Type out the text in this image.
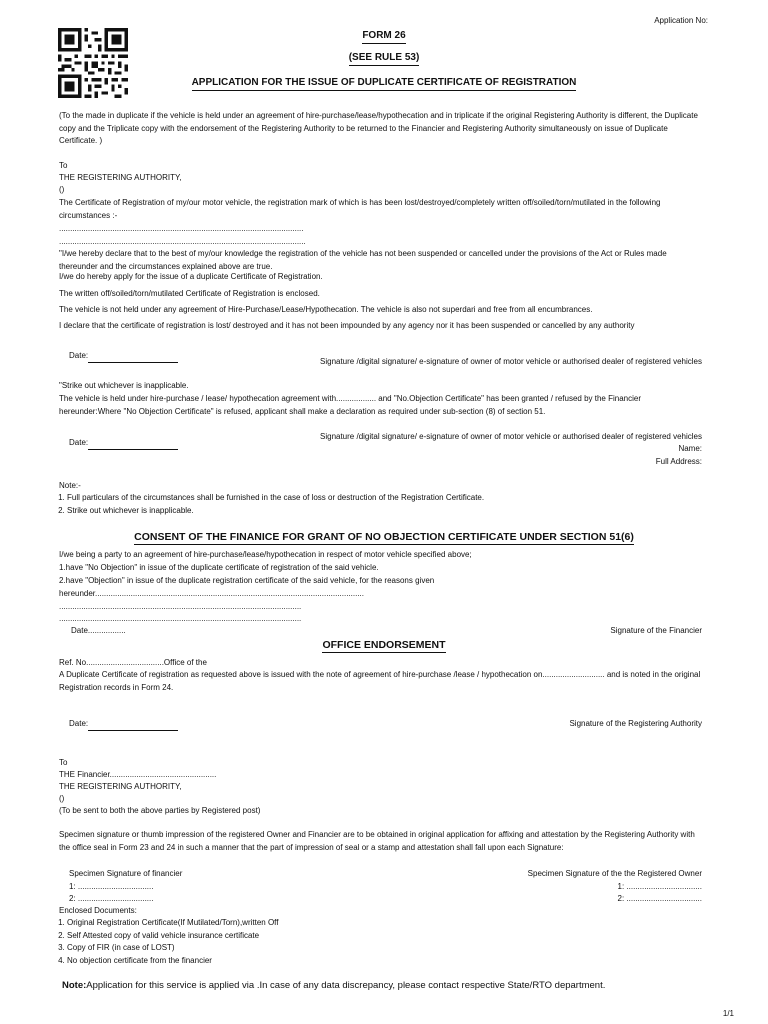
Application No:
FORM 26
(SEE RULE 53)
APPLICATION FOR THE ISSUE OF DUPLICATE CERTIFICATE OF REGISTRATION
(To the made in duplicate if the vehicle is held under an agreement of hire-purchase/lease/hypothecation and in triplicate if the original Registering Authority is different, the Duplicate copy and the Triplicate copy with the endorsement of the Registering Authority to be returned to the Financier and Registering Authority simultaneously on issue of Duplicate Certificate. )
To
THE REGISTERING AUTHORITY,
()
The Certificate of Registration of my/our motor vehicle, the registration mark of which is has been lost/destroyed/completely written off/soiled/torn/mutilated in the following circumstances :-
..............................................................................................................
...............................................................................................................
"I/we hereby declare that to the best of my/our knowledge the registration of the vehicle has not been suspended or cancelled under the provisions of the Act or Rules made thereunder and the circumstances explained above are true.
I/we do hereby apply for the issue of a duplicate Certificate of Registration.
The written off/soiled/torn/mutilated Certificate of Registration is enclosed.
The vehicle is not held under any agreement of Hire-Purchase/Lease/Hypothecation. The vehicle is also not superdari and free from all encumbrances.
I declare that the certificate of registration is lost/ destroyed and it has not been impounded by any agency nor it has been suspended or cancelled by any authority
Date:
Signature /digital signature/ e-signature of owner of motor vehicle or authorised dealer of registered vehicles
"Strike out whichever is inapplicable.
The vehicle is held under hire-purchase / lease/ hypothecation agreement with.................. and "No.Objection Certificate" has been granted / refused by the Financier hereunder:Where "No Objection Certificate" is refused, applicant shall make a declaration as required under sub-section (8) of section 51.
Date:
Signature /digital signature/ e-signature of owner of motor vehicle or authorised dealer of registered vehicles
Name:
Full Address:
Note:-
1. Full particulars of the circumstances shall be furnished in the case of loss or destruction of the Registration Certificate.
2. Strike out whichever is inapplicable.
CONSENT OF THE FINANICE FOR GRANT OF NO OBJECTION CERTIFICATE UNDER SECTION 51(6)
I/we being a party to an agreement of hire-purchase/lease/hypothecation in respect of motor vehicle specified above;
1.have "No Objection" in issue of the duplicate certificate of registration of the said vehicle.
2.have "Objection" in issue of the duplicate registration certificate of the said vehicle, for the reasons given
hereunder.........................................................................................................................
.............................................................................................................
.............................................................................................................
Date.................	Signature of the Financier
OFFICE ENDORSEMENT
Ref. No...................................Office of the
A Duplicate Certificate of registration as requested above is issued with the note of agreement of hire-purchase /lease / hypothecation on............................ and is noted in the original Registration records in Form 24.
Date:	Signature of the Registering Authority
To
THE Financier................................................
THE REGISTERING AUTHORITY,
()
(To be sent to both the above parties by Registered post)
Specimen signature or thumb impression of the registered Owner and Financier are to be obtained in original application for affixing and attestation by the Registering Authority with the office seal in Form 23 and 24 in such a manner that the part of impression of seal or a stamp and attestation shall fall upon each Signature:
Specimen Signature of financier	Specimen Signature of the the Registered Owner
1: ..................................	1: ..................................
2: ..................................	2: ..................................
Enclosed Documents:
1. Original Registration Certificate(If Mutilated/Torn),written Off
2. Self Attested copy of valid vehicle insurance certificate
3. Copy of FIR (in case of LOST)
4. No objection certificate from the financier
Note:Application for this service is applied via .In case of any data discrepancy, please contact respective State/RTO department.
1/1
